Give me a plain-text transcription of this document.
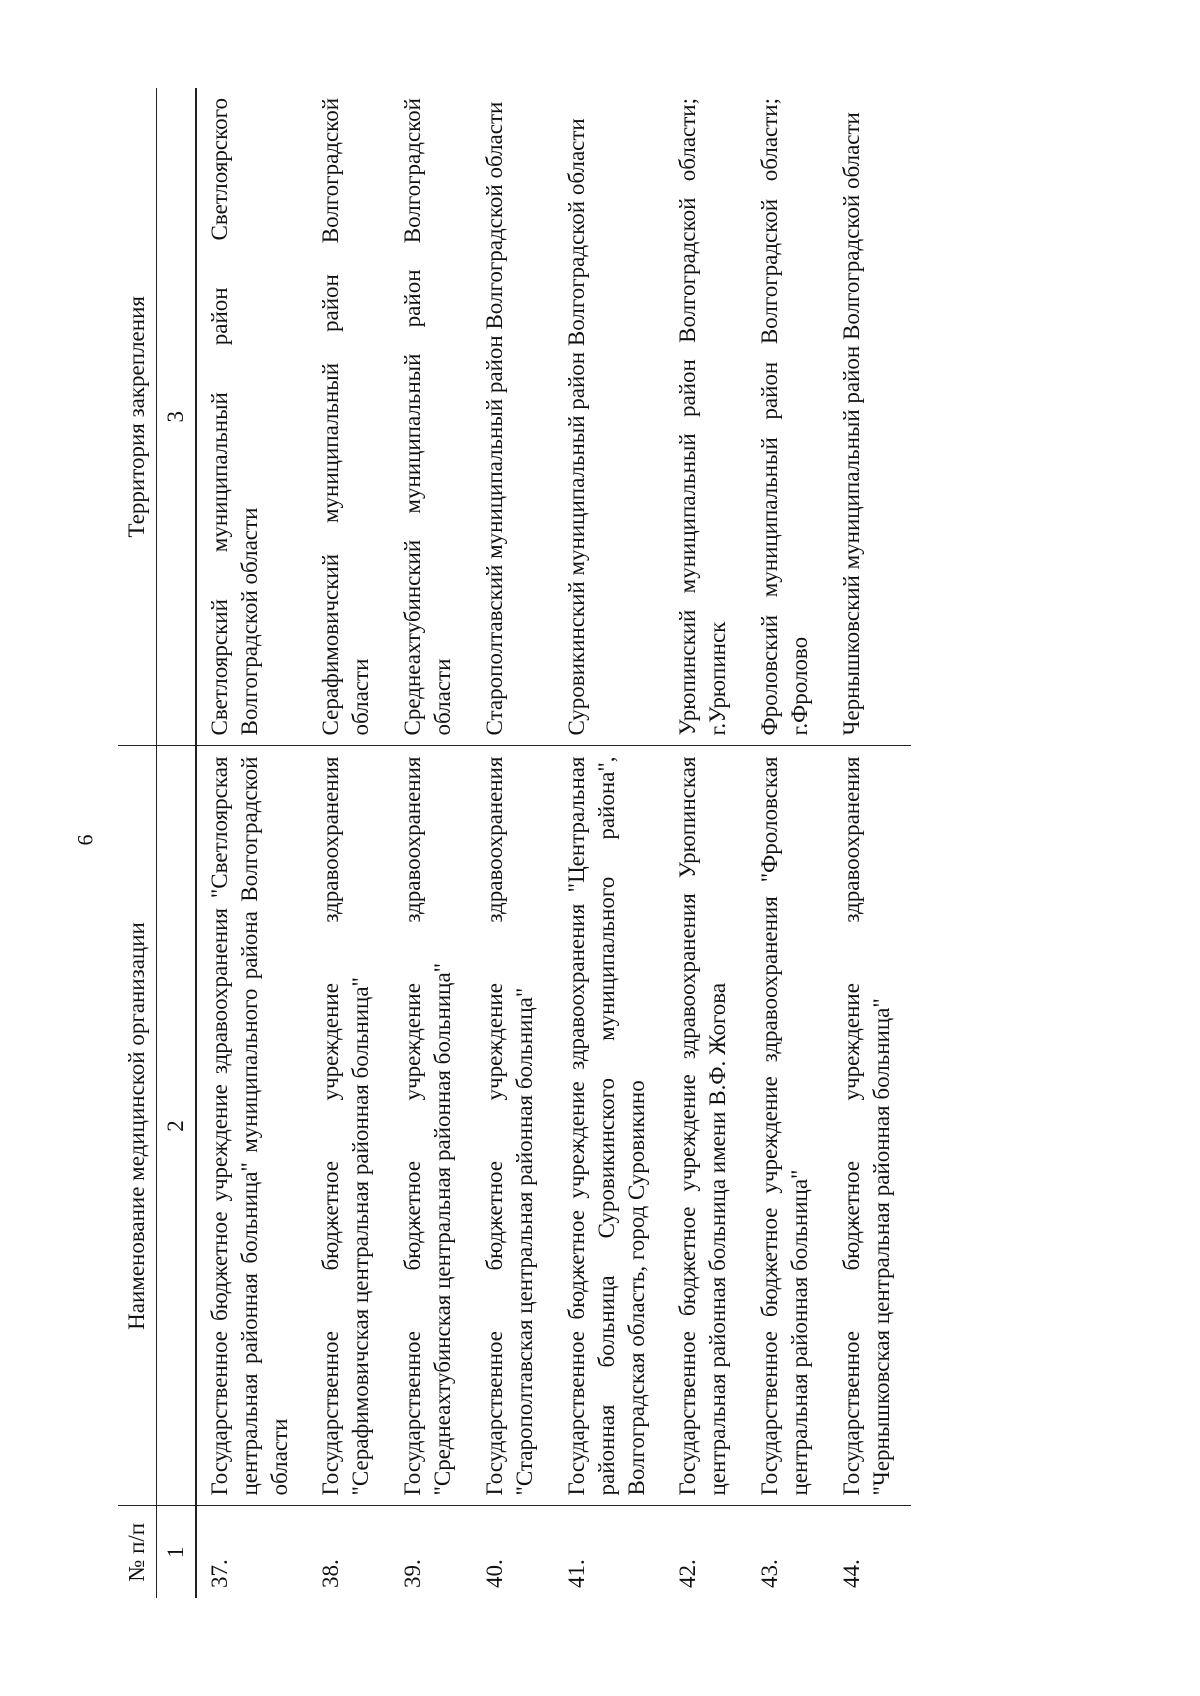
6
№ п/п	Наименование медицинской организации	Территория закрепления
1	2	3
37.	Государственное бюджетное учреждение здравоохранения "Светлоярская центральная районная больница" муниципального района Волгоградской области	Светлоярский муниципальный район Светлоярского Волгоградской области
38.	Государственное бюджетное учреждение здравоохранения "Серафимовичская центральная районная больница"	Серафимовичский муниципальный район Волгоградской области
39.	Государственное бюджетное учреждение здравоохранения "Среднеахтубинская центральная районная больница"	Среднеахтубинский муниципальный район Волгоградской области
40.	Государственное бюджетное учреждение здравоохранения "Старополтавская центральная районная больница"	Старополтавский муниципальный район Волгоградской области
41.	Государственное бюджетное учреждение здравоохранения "Центральная районная больница Суровикинского муниципального района", Волгоградская область, город Суровикино	Суровикинский муниципальный район Волгоградской области
42.	Государственное бюджетное учреждение здравоохранения Урюпинская центральная районная больница имени В.Ф. Жогова	Урюпинский муниципальный район Волгоградской области; г.Урюпинск
43.	Государственное бюджетное учреждение здравоохранения "Фроловская центральная районная больница"	Фроловский муниципальный район Волгоградской области; г.Фролово
44.	Государственное бюджетное учреждение здравоохранения "Чернышковская центральная районная больница"	Чернышковский муниципальный район Волгоградской области
